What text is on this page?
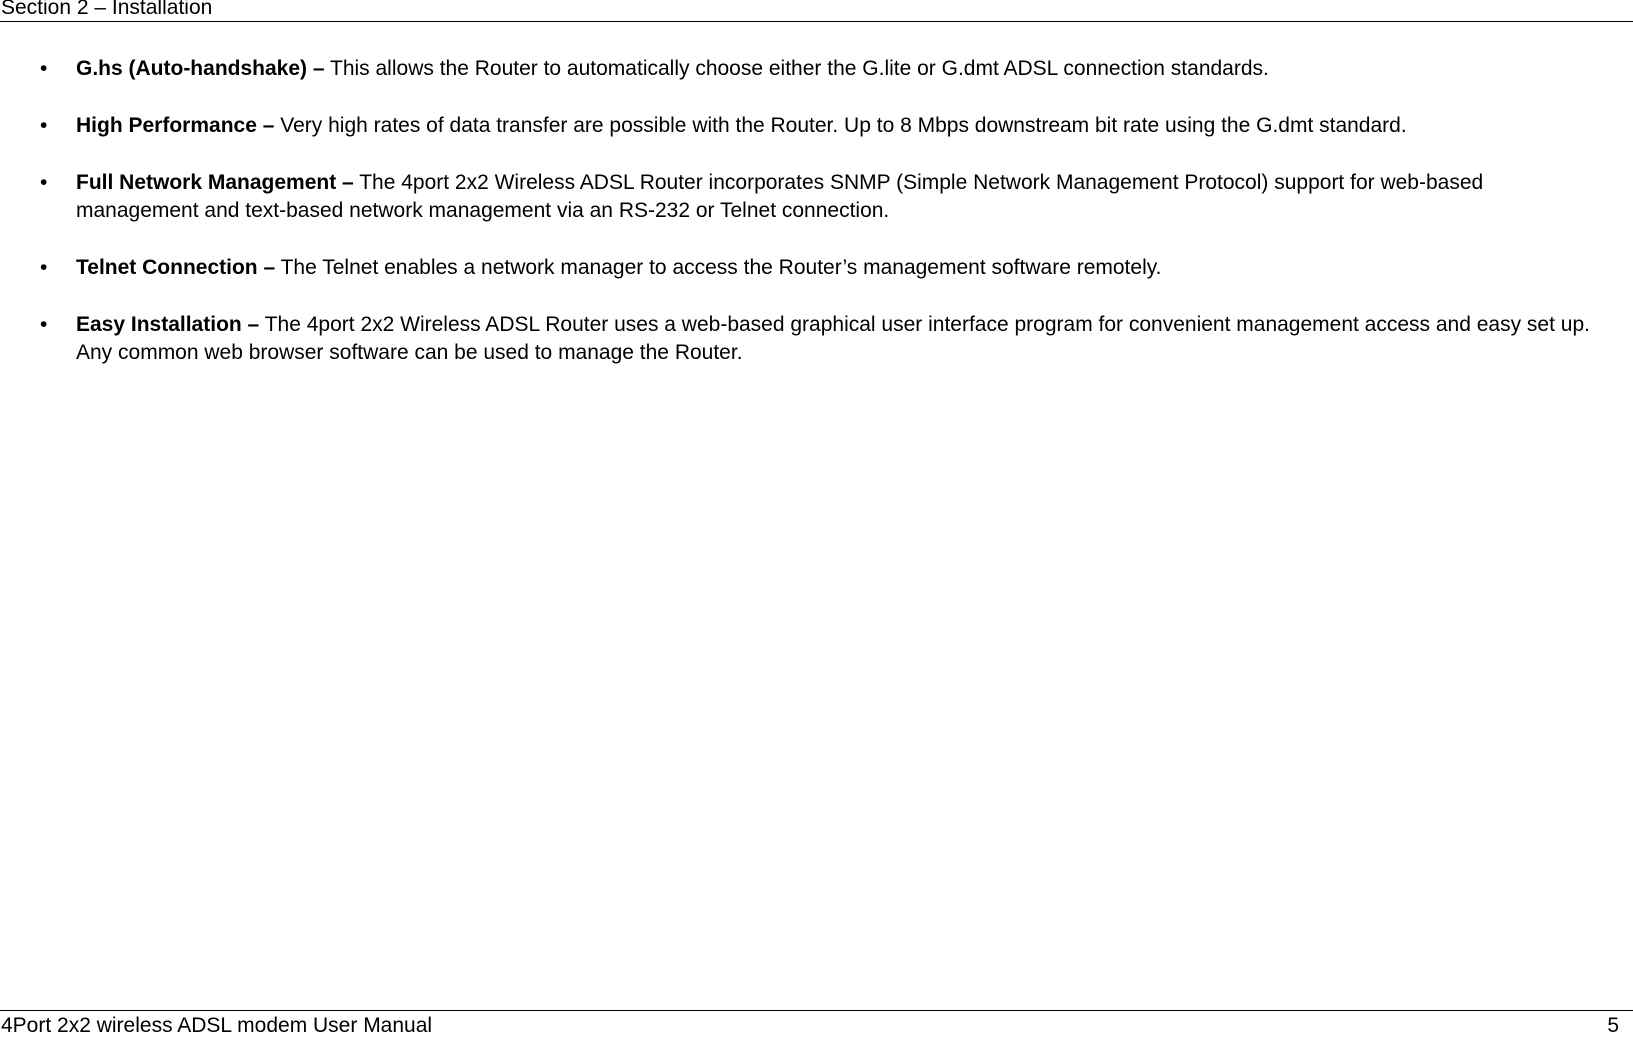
Section 2 – Installation
• G.hs (Auto-handshake) – This allows the Router to automatically choose either the G.lite or G.dmt ADSL connection standards.
• High Performance – Very high rates of data transfer are possible with the Router. Up to 8 Mbps downstream bit rate using the G.dmt standard.
• Full Network Management – The 4port 2x2 Wireless ADSL Router incorporates SNMP (Simple Network Management Protocol) support for web-based management and text-based network management via an RS-232 or Telnet connection.
• Telnet Connection – The Telnet enables a network manager to access the Router’s management software remotely.
• Easy Installation – The 4port 2x2 Wireless ADSL Router uses a web-based graphical user interface program for convenient management access and easy set up. Any common web browser software can be used to manage the Router.
4Port 2x2 wireless ADSL modem User Manual	5
